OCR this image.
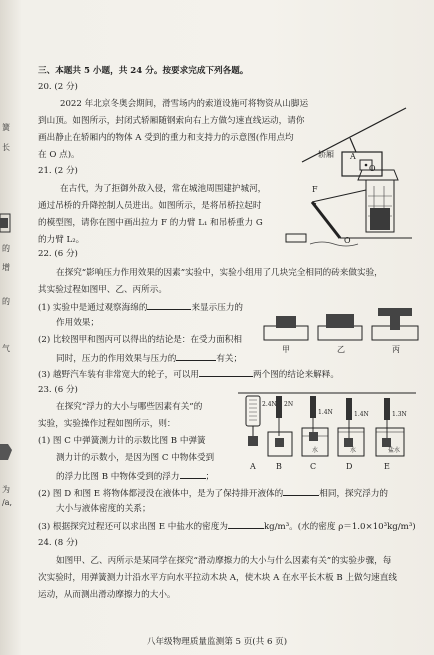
簧
长
的
增
的
气
为
/a,
三、本题共 5 小题，共 24 分。按要求完成下列各题。
20. (2 分)
2022 年北京冬奥会期间，滑雪场内的索道设施可将物资从山脚运
到山顶。如图所示，封闭式轿厢随钢索向右上方做匀速直线运动，请你
画出静止在轿厢内的物体 A 受到的重力和支持力的示意图(作用点均
在 O 点)。	轿厢 A
O
21. (2 分)
在古代，为了拒御外敌入侵，常在城池周围建护城河，
通过吊桥的升降控制人员进出。如图所示，是将吊桥拉起时
的模型图，请你在图中画出拉力 F 的力臂 L₁ 和吊桥重力 G
的力臂 L₂。
F
O
22. (6 分)
在探究“影响压力作用效果的因素”实验中，实验小组用了几块完全相同的砖来做实验，
其实验过程如图甲、乙、丙所示。
(1) 实验中是通过观察海绵的	来显示压力的
作用效果；
(2) 比较图甲和图丙可以得出的结论是：在受力面积相
同时，压力的作用效果与压力的	有关；
(3) 越野汽车装有非常宽大的轮子，可以用	两个图的结论来解释。
甲	乙	丙
23. (6 分)
在探究“浮力的大小与哪些因素有关”的
实验，实验操作过程如图所示，则：
(1) 图 C 中弹簧测力计的示数比图 B 中弹簧
测力计的示数小，是因为图 C 中物体受到
的浮力比图 B 中物体受到的浮力	；
(2) 图 D 和图 E 将物体都浸没在液体中，是为了保持排开液体的	相同，探究浮力的
大小与液体密度的关系；
(3) 根据探究过程还可以求出图 E 中盐水的密度为	kg/m³。(水的密度 ρ＝1.0×10³kg/m³)
2.4N 2N
1.4N	1.4N	1.3N
水	水	盐水
A	B	C	D	E
24. (8 分)
如图甲、乙、丙所示是某同学在探究“滑动摩擦力的大小与什么因素有关”的实验步骤，每
次实验时，用弹簧测力计沿水平方向水平拉动木块 A，使木块 A 在水平长木板 B 上做匀速直线
运动，从而测出滑动摩擦力的大小。
八年级物理质量监测第 5 页(共 6 页)
